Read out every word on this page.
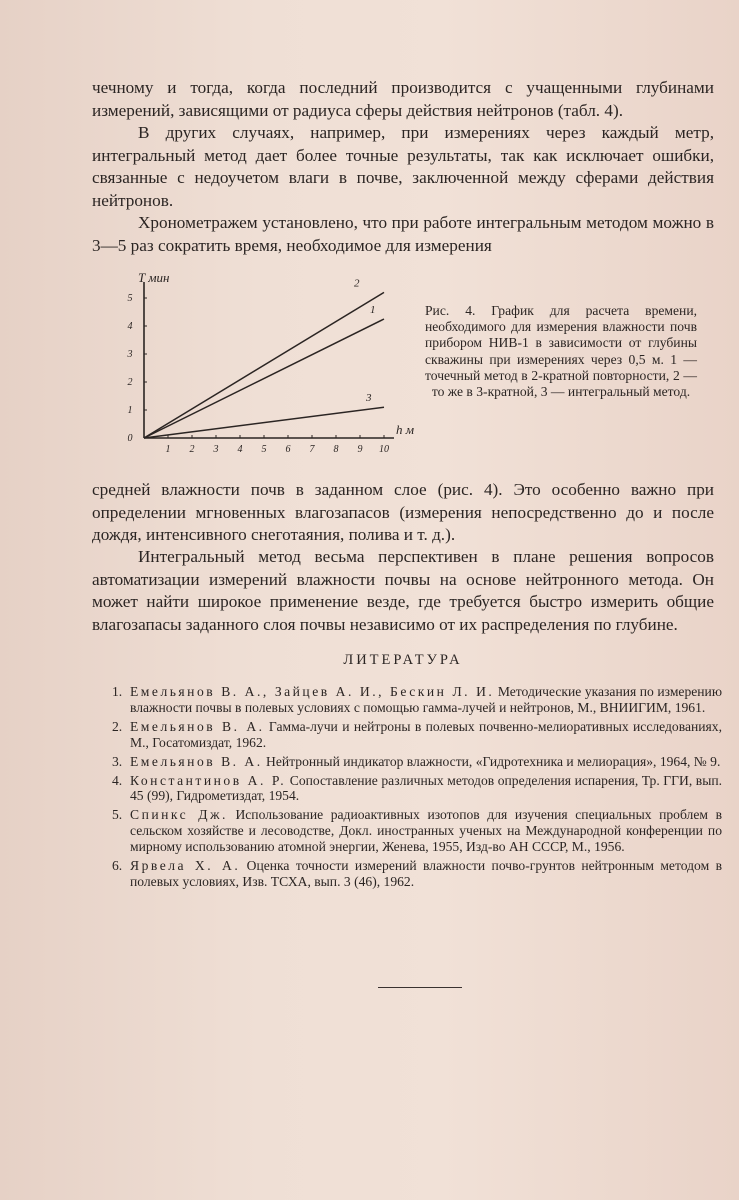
чечному и тогда, когда последний производится с учащенными глубинами измерений, зависящими от радиуса сферы действия нейтронов (табл. 4).

В других случаях, например, при измерениях через каждый метр, интегральный метод дает более точные результаты, так как исключает ошибки, связанные с недоучетом влаги в почве, заключенной между сферами действия нейтронов.

Хронометражем установлено, что при работе интегральным методом можно в 3—5 раз сократить время, необходимое для измерения

0
1 2 3 4 5 6 7 8 9 10
1
2
3
4
5
h м
T мин
1
2
3

Рис. 4. График для расчета времени, необходимого для измерения влажности почв прибором НИВ-1 в зависимости от глубины скважины при измерениях через 0,5 м. 1 — точечный метод в 2-кратной повторности, 2 — то же в 3-кратной, 3 — интегральный метод.

средней влажности почв в заданном слое (рис. 4). Это особенно важно при определении мгновенных влагозапасов (измерения непосредственно до и после дождя, интенсивного снеготаяния, полива и т. д.).

Интегральный метод весьма перспективен в плане решения вопросов автоматизации измерений влажности почвы на основе нейтронного метода. Он может найти широкое применение везде, где требуется быстро измерить общие влагозапасы заданного слоя почвы независимо от их распределения по глубине.

ЛИТЕРАТУРА

1. Емельянов В. А., Зайцев А. И., Бескин Л. И. Методические указания по измерению влажности почвы в полевых условиях с помощью гамма-лучей и нейтронов, М., ВНИИГИМ, 1961.
2. Емельянов В. А. Гамма-лучи и нейтроны в полевых почвенно-мелиоративных исследованиях, М., Госатомиздат, 1962.
3. Емельянов В. А. Нейтронный индикатор влажности, «Гидротехника и мелиорация», 1964, № 9.
4. Константинов А. Р. Сопоставление различных методов определения испарения, Тр. ГГИ, вып. 45 (99), Гидрометиздат, 1954.
5. Спинкс Дж. Использование радиоактивных изотопов для изучения специальных проблем в сельском хозяйстве и лесоводстве, Докл. иностранных ученых на Международной конференции по мирному использованию атомной энергии, Женева, 1955, Изд-во АН СССР, М., 1956.
6. Ярвела Х. А. Оценка точности измерений влажности почво-грунтов нейтронным методом в полевых условиях, Изв. ТСХА, вып. 3 (46), 1962.
